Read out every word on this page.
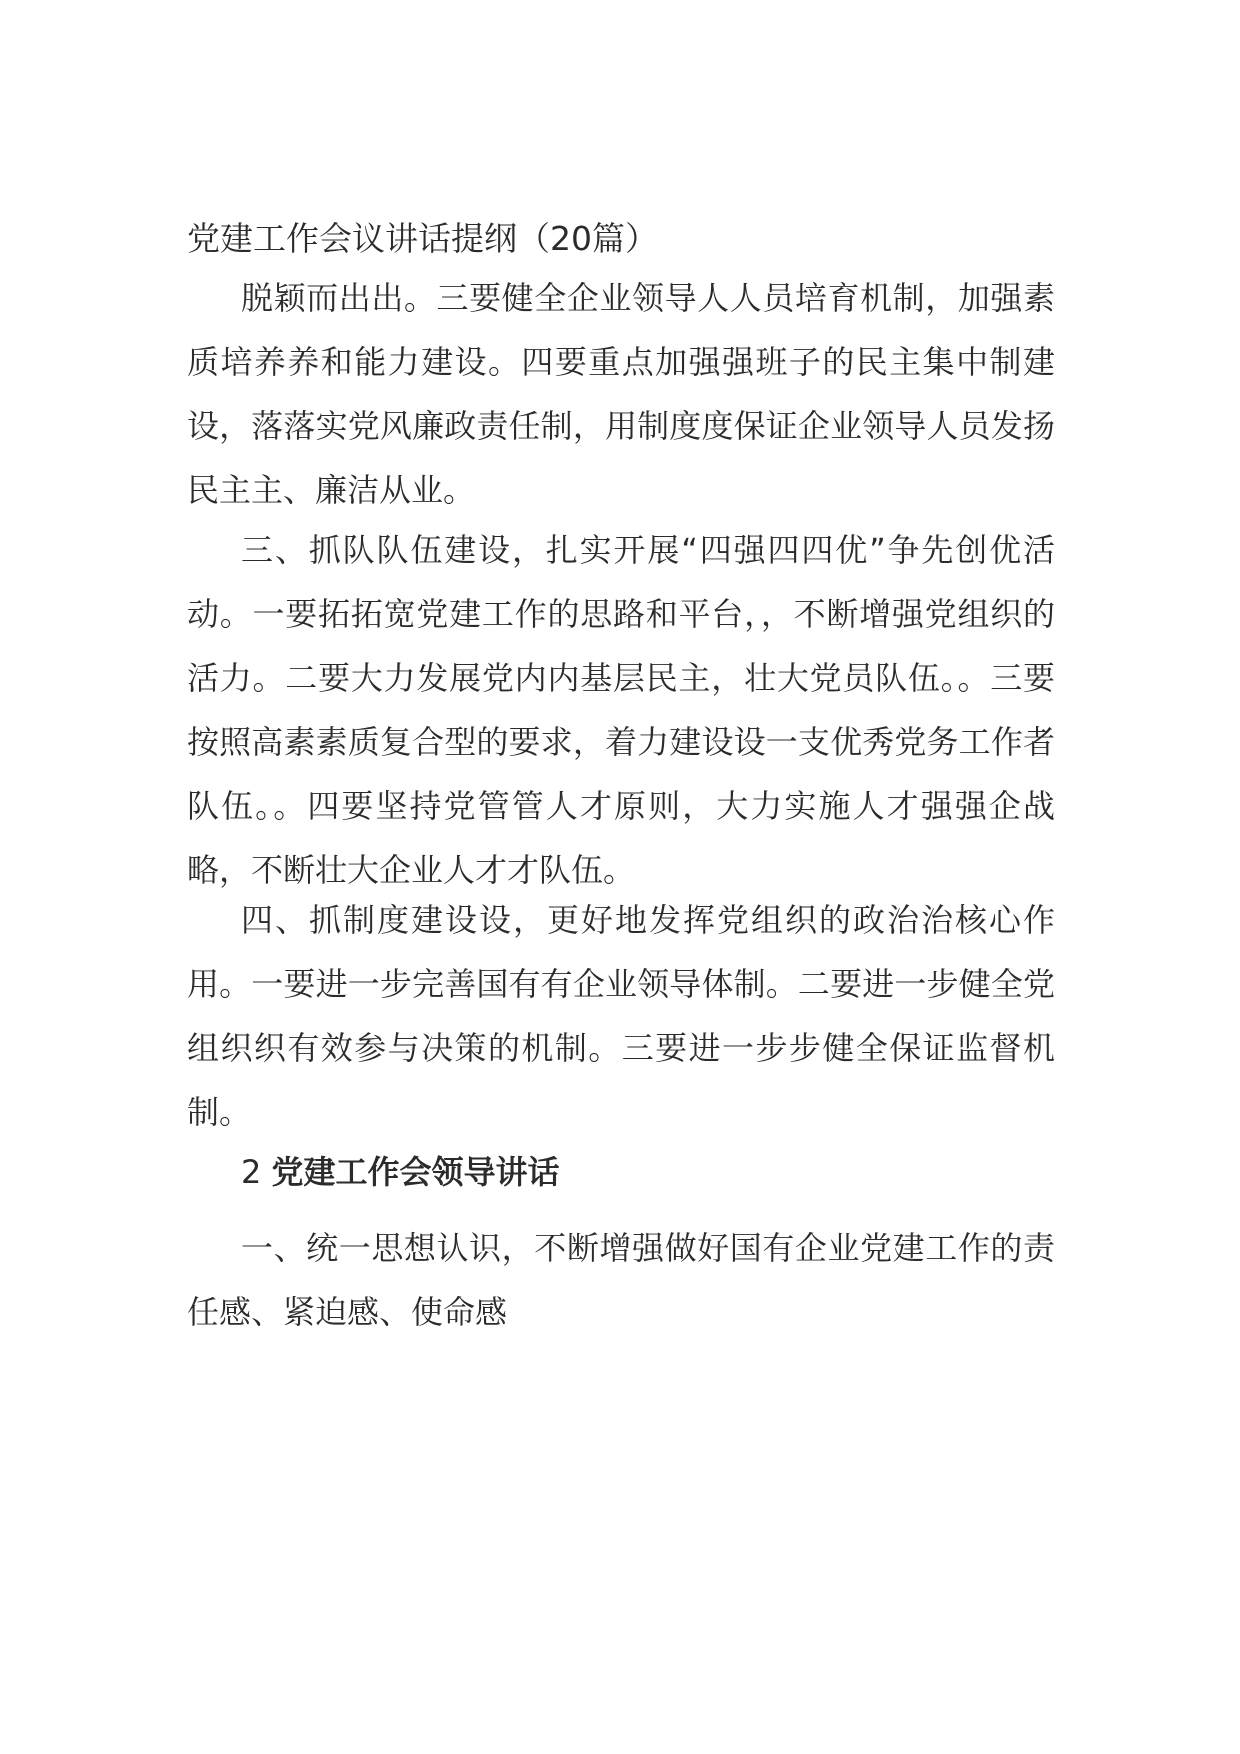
党建工作会议讲话提纲（20篇）

脱颖而出出。三要健全企业领导人人员培育机制，加强素质培养养和能力建设。四要重点加强强班子的民主集中制建设，落落实党风廉政责任制，用制度度保证企业领导人员发扬民主主、廉洁从业。

三、抓队队伍建设，扎实开展“四强四四优”争先创优活动。一要拓拓宽党建工作的思路和平台，，不断增强党组织的活力。二要大力发展党内内基层民主，壮大党员队伍。。三要按照高素素质复合型的要求，着力建设设一支优秀党务工作者队伍。。四要坚持党管管人才原则，大力实施人才强强企战略，不断壮大企业人才才队伍。

四、抓制度建设设，更好地发挥党组织的政治治核心作用。一要进一步完善国有有企业领导体制。二要进一步健全党组织织有效参与决策的机制。三要进一步步健全保证监督机制。

2 党建工作会领导讲话

一、统一思想认识，不断增强做好国有企业党建工作的责任感、紧迫感、使命感
